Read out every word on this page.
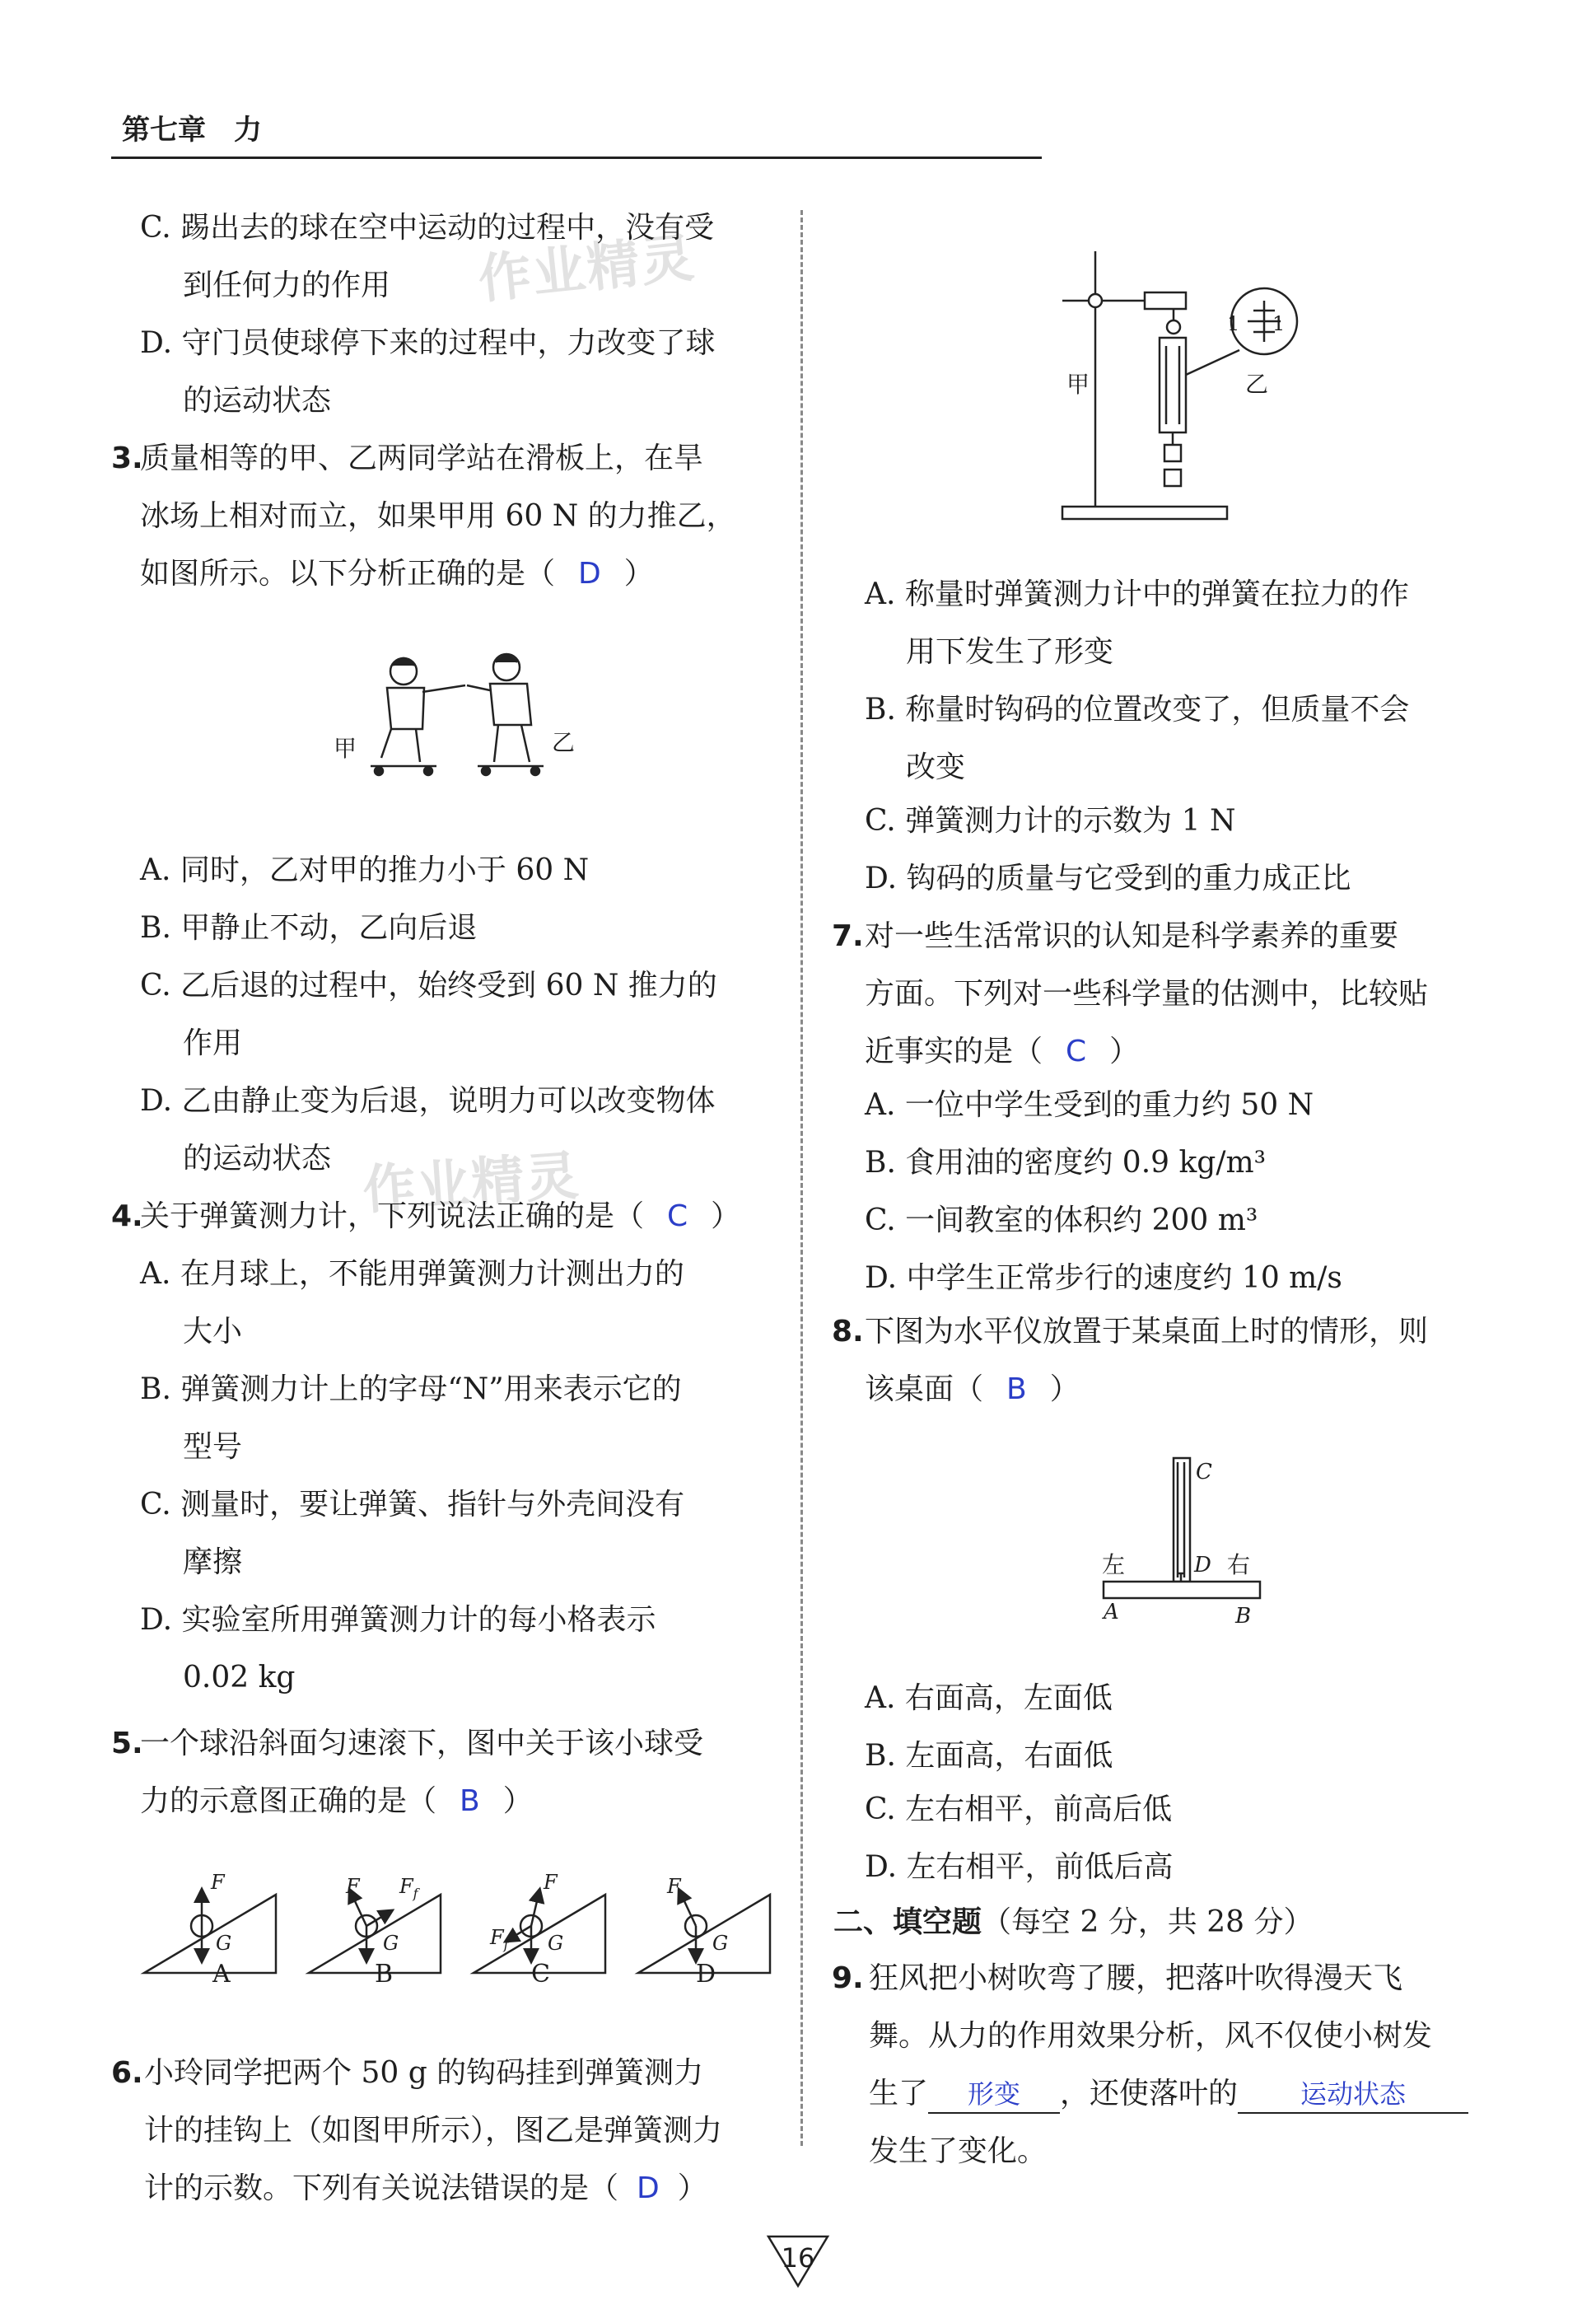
第七章　力
作业精灵
作业精灵
C. 踢出去的球在空中运动的过程中，没有受
到任何力的作用
D. 守门员使球停下来的过程中，力改变了球
的运动状态
3.
质量相等的甲、乙两同学站在滑板上，在旱
冰场上相对而立，如果甲用 60 N 的力推乙，
如图所示。以下分析正确的是（ D ）
甲	乙
A. 同时，乙对甲的推力小于 60 N
B. 甲静止不动，乙向后退
C. 乙后退的过程中，始终受到 60 N 推力的
作用
D. 乙由静止变为后退，说明力可以改变物体
的运动状态
4.
关于弹簧测力计，下列说法正确的是（ C ）
A. 在月球上，不能用弹簧测力计测出力的
大小
B. 弹簧测力计上的字母“N”用来表示它的
型号
C. 测量时，要让弹簧、指针与外壳间没有
摩擦
D. 实验室所用弹簧测力计的每小格表示
0.02 kg
5.
一个球沿斜面匀速滚下，图中关于该小球受
力的示意图正确的是（ B ）
A	B	C	D
F
G
F $F_f$
G
F
$F_f$ G
F
G
6. 小玲同学把两个 50 g 的钩码挂到弹簧测力
计的挂钩上（如图甲所示），图乙是弹簧测力
计的示数。下列有关说法错误的是（ D ）
甲	乙
1 1
A. 称量时弹簧测力计中的弹簧在拉力的作
用下发生了形变
B. 称量时钩码的位置改变了，但质量不会
改变
C. 弹簧测力计的示数为 1 N
D. 钩码的质量与它受到的重力成正比
7. 对一些生活常识的认知是科学素养的重要
方面。下列对一些科学量的估测中，比较贴
近事实的是（ C ）
A. 一位中学生受到的重力约 50 N
B. 食用油的密度约 0.9 kg/m³
C. 一间教室的体积约 200 m³
D. 中学生正常步行的速度约 10 m/s
8. 下图为水平仪放置于某桌面上时的情形，则
该桌面（ B ）
C
D
A	B
左	右
A. 右面高，左面低
B. 左面高，右面低
C. 左右相平，前高后低
D. 左右相平，前低后高
二、填空题（每空 2 分，共 28 分）
9. 狂风把小树吹弯了腰，把落叶吹得漫天飞
舞。从力的作用效果分析，风不仅使小树发
生了 形变 ，还使落叶的 运动状态
发生了变化。
16
